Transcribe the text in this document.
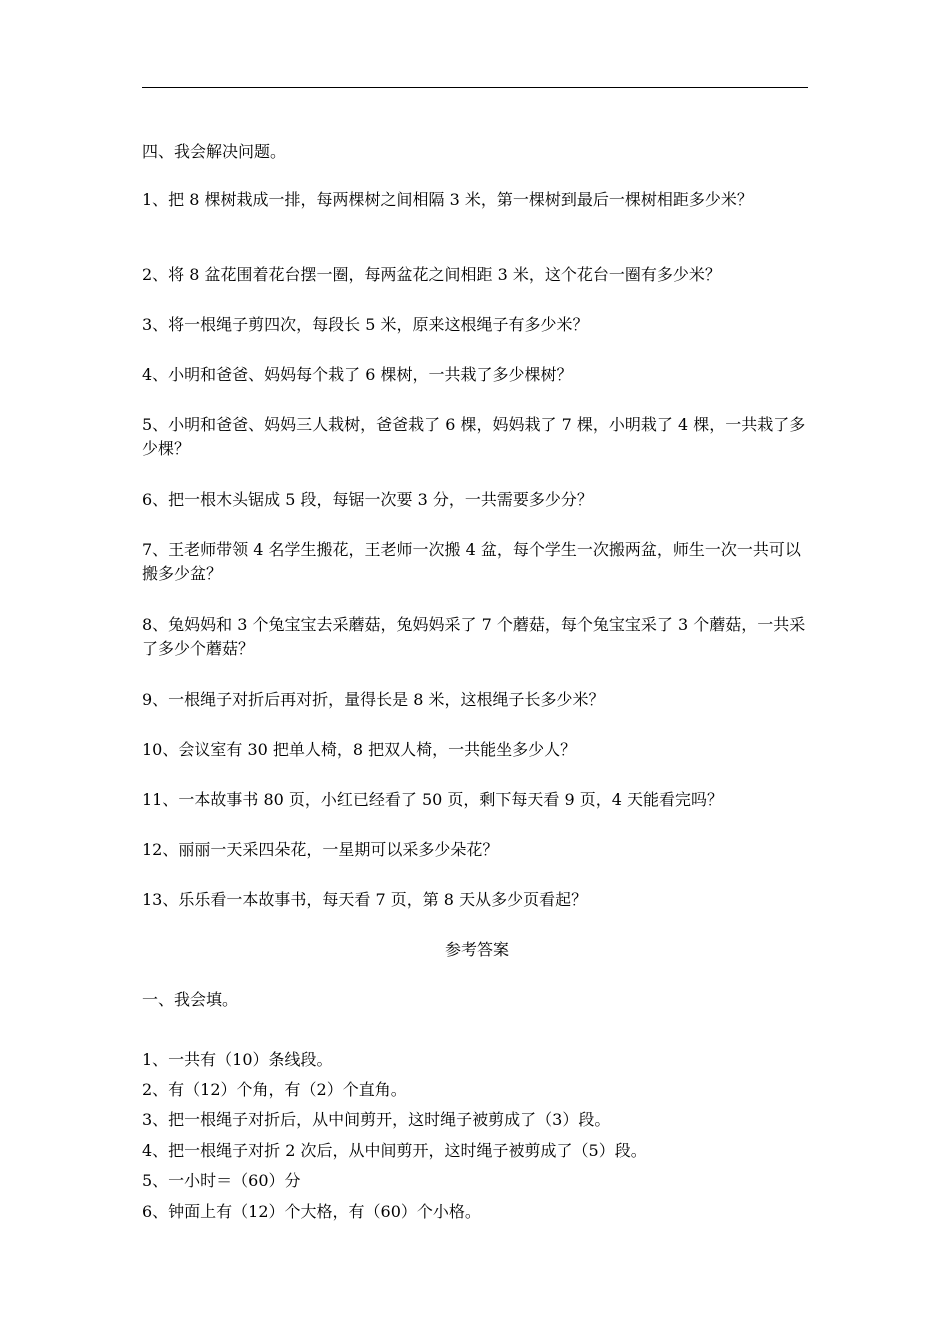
四、我会解决问题。
1、把 8 棵树栽成一排，每两棵树之间相隔 3 米，第一棵树到最后一棵树相距多少米？
2、将 8 盆花围着花台摆一圈，每两盆花之间相距 3 米，这个花台一圈有多少米？
3、将一根绳子剪四次，每段长 5 米，原来这根绳子有多少米？
4、小明和爸爸、妈妈每个栽了 6 棵树，一共栽了多少棵树？
5、小明和爸爸、妈妈三人栽树，爸爸栽了 6 棵，妈妈栽了 7 棵，小明栽了 4 棵，一共栽了多少棵？
6、把一根木头锯成 5 段，每锯一次要 3 分，一共需要多少分？
7、王老师带领 4 名学生搬花，王老师一次搬 4 盆，每个学生一次搬两盆，师生一次一共可以搬多少盆？
8、兔妈妈和 3 个兔宝宝去采蘑菇，兔妈妈采了 7 个蘑菇，每个兔宝宝采了 3 个蘑菇，一共采了多少个蘑菇？
9、一根绳子对折后再对折，量得长是 8 米，这根绳子长多少米？
10、会议室有 30 把单人椅，8 把双人椅，一共能坐多少人？
11、一本故事书 80 页，小红已经看了 50 页，剩下每天看 9 页，4 天能看完吗？
12、丽丽一天采四朵花，一星期可以采多少朵花？
13、乐乐看一本故事书，每天看 7 页，第 8 天从多少页看起？
参考答案
一、我会填。
1、一共有（10）条线段。
2、有（12）个角，有（2）个直角。
3、把一根绳子对折后，从中间剪开，这时绳子被剪成了（3）段。
4、把一根绳子对折 2 次后，从中间剪开，这时绳子被剪成了（5）段。
5、一小时＝（60）分
6、钟面上有（12）个大格，有（60）个小格。
